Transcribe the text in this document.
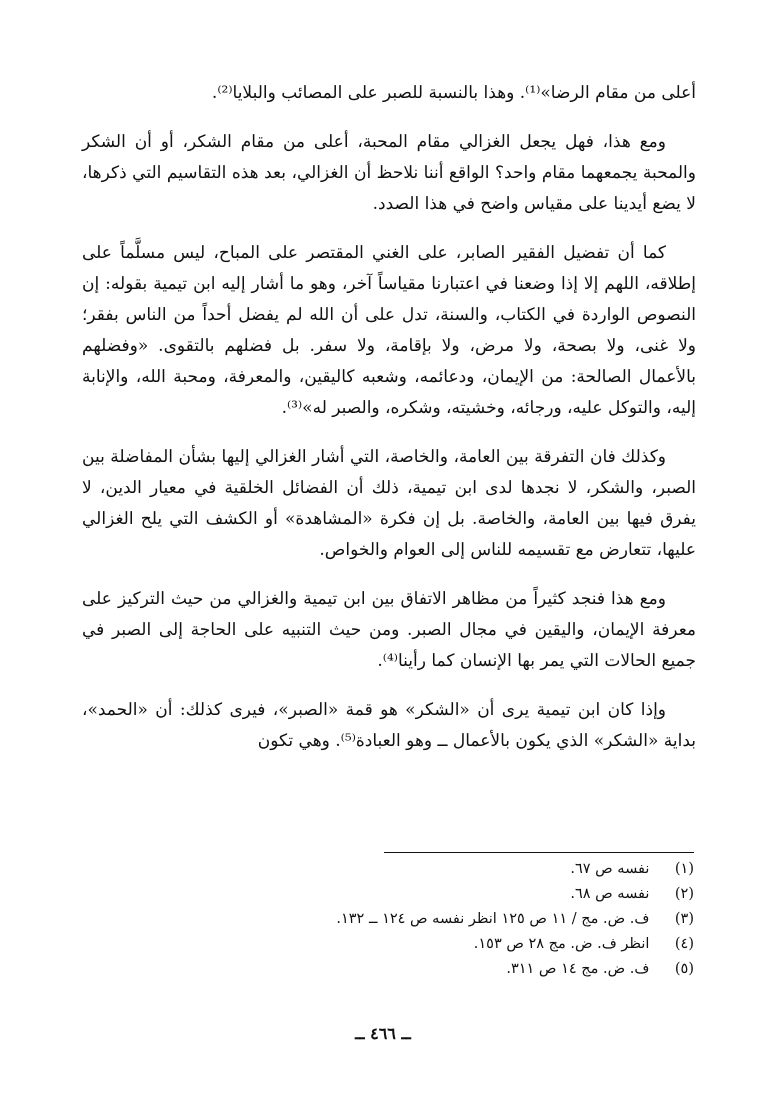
أعلى من مقام الرضا»⁽¹⁾. وهذا بالنسبة للصبر على المصائب والبلايا⁽²⁾.

ومع هذا، فهل يجعل الغزالي مقام المحبة، أعلى من مقام الشكر، أو أن الشكر والمحبة يجمعهما مقام واحد؟ الواقع أننا نلاحظ أن الغزالي، بعد هذه التقاسيم التي ذكرها، لا يضع أيدينا على مقياس واضح في هذا الصدد.

كما أن تفضيل الفقير الصابر، على الغني المقتصر على المباح، ليس مسلَّماً على إطلاقه، اللهم إلا إذا وضعنا في اعتبارنا مقياساً آخر، وهو ما أشار إليه ابن تيمية بقوله: إن النصوص الواردة في الكتاب، والسنة، تدل على أن الله لم يفضل أحداً من الناس بفقر؛ ولا غنى، ولا بصحة، ولا مرض، ولا بإقامة، ولا سفر. بل فضلهم بالتقوى. «وفضلهم بالأعمال الصالحة: من الإيمان، ودعائمه، وشعبه كاليقين، والمعرفة، ومحبة الله، والإنابة إليه، والتوكل عليه، ورجائه، وخشيته، وشكره، والصبر له»⁽³⁾.

وكذلك فان التفرقة بين العامة، والخاصة، التي أشار الغزالي إليها بشأن المفاضلة بين الصبر، والشكر، لا نجدها لدى ابن تيمية، ذلك أن الفضائل الخلقية في معيار الدين، لا يفرق فيها بين العامة، والخاصة. بل إن فكرة «المشاهدة» أو الكشف التي يلح الغزالي عليها، تتعارض مع تقسيمه للناس إلى العوام والخواص.

ومع هذا فنجد كثيراً من مظاهر الاتفاق بين ابن تيمية والغزالي من حيث التركيز على معرفة الإيمان، واليقين في مجال الصبر. ومن حيث التنبيه على الحاجة إلى الصبر في جميع الحالات التي يمر بها الإنسان كما رأينا⁽⁴⁾.

وإذا كان ابن تيمية يرى أن «الشكر» هو قمة «الصبر»، فيرى كذلك: أن «الحمد»، بداية «الشكر» الذي يكون بالأعمال ــ وهو العبادة⁽⁵⁾. وهي تكون

(١) نفسه ص ٦٧.
(٢) نفسه ص ٦٨.
(٣) ف. ض. مج / ١١ ص ١٢٥ انظر نفسه ص ١٢٤ ــ ١٣٢.
(٤) انظر ف. ض. مج ٢٨ ص ١٥٣.
(٥) ف. ض. مج ١٤ ص ٣١١.
ــ ٤٦٦ ــ
